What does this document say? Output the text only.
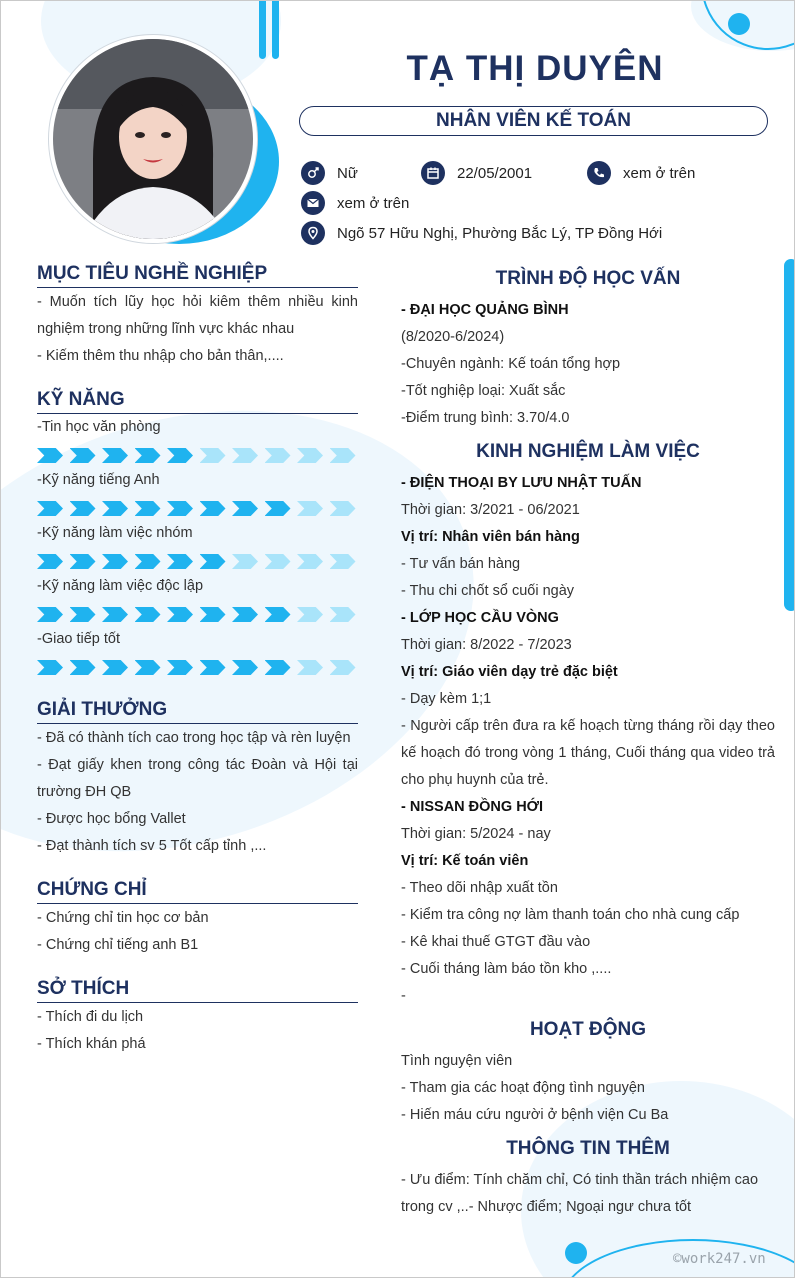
TẠ THỊ DUYÊN
NHÂN VIÊN KẾ TOÁN
Nữ	22/05/2001	xem ở trên
xem ở trên
Ngõ 57 Hữu Nghị, Phường Bắc Lý, TP Đồng Hới
MỤC TIÊU NGHỀ NGHIỆP
- Muốn tích lũy học hỏi kiêm thêm nhiều kinh nghiệm trong những lĩnh vực khác nhau
- Kiếm thêm thu nhập cho bản thân,....
KỸ NĂNG
-Tin học văn phòng
-Kỹ năng tiếng Anh
-Kỹ năng làm việc nhóm
-Kỹ năng làm việc độc lập
-Giao tiếp tốt
GIẢI THƯỞNG
- Đã có thành tích cao trong học tập và rèn luyện
- Đạt giấy khen trong công tác Đoàn và Hội tại trường ĐH QB
- Được học bổng Vallet
- Đạt thành tích sv 5 Tốt cấp tỉnh ,...
CHỨNG CHỈ
- Chứng chỉ tin học cơ bản
- Chứng chỉ tiếng anh B1
SỞ THÍCH
- Thích đi du lịch
- Thích khán phá
TRÌNH ĐỘ HỌC VẤN
- ĐẠI HỌC QUẢNG BÌNH
(8/2020-6/2024)
-Chuyên ngành: Kế toán tổng hợp
-Tốt nghiệp loại: Xuất sắc
-Điểm trung bình: 3.70/4.0
KINH NGHIỆM LÀM VIỆC
- ĐIỆN THOẠI BY LƯU NHẬT TUẤN
Thời gian: 3/2021 - 06/2021
Vị trí: Nhân viên bán hàng
- Tư vấn bán hàng
- Thu chi chốt sổ cuối ngày
- LỚP HỌC CẦU VÒNG
Thời gian: 8/2022 - 7/2023
Vị trí: Giáo viên dạy trẻ đặc biệt
- Dạy kèm 1;1
- Người cấp trên đưa ra kế hoạch từng tháng rồi dạy theo kế hoạch đó trong vòng 1 tháng, Cuối tháng qua video trả cho phụ huynh của trẻ.
- NISSAN ĐỒNG HỚI
Thời gian: 5/2024 - nay
Vị trí: Kế toán viên
- Theo dõi nhập xuất tồn
- Kiểm tra công nợ làm thanh toán cho nhà cung cấp
- Kê khai thuế GTGT đầu vào
- Cuối tháng làm báo tồn kho ,....
-
HOẠT ĐỘNG
Tình nguyện viên
- Tham gia các hoạt động tình nguyện
- Hiến máu cứu người ở bệnh viện Cu Ba
THÔNG TIN THÊM
- Ưu điểm: Tính chăm chỉ, Có tinh thần trách nhiệm cao trong cv ,..- Nhược điểm; Ngoại ngư chưa tốt
©work247.vn
